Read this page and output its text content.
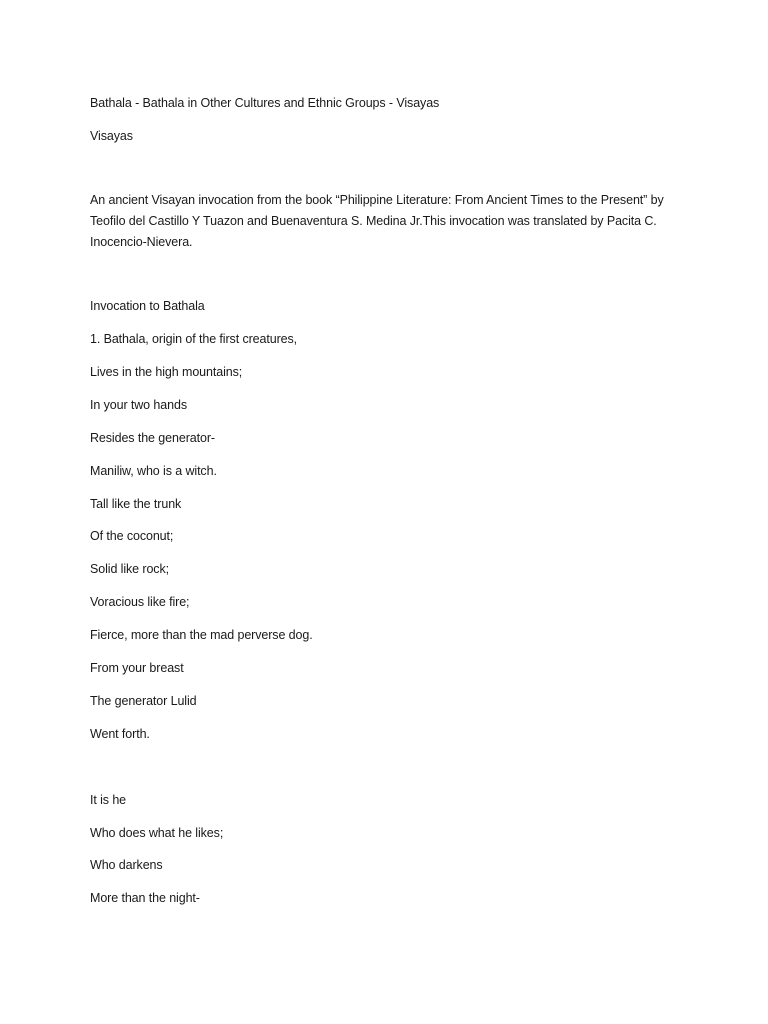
Bathala - Bathala in Other Cultures and Ethnic Groups - Visayas
Visayas
An ancient Visayan invocation from the book “Philippine Literature: From Ancient Times to the Present” by Teofilo del Castillo Y Tuazon and Buenaventura S. Medina Jr.This invocation was translated by Pacita C. Inocencio-Nievera.
Invocation to Bathala
1. Bathala, origin of the first creatures,
Lives in the high mountains;
In your two hands
Resides the generator-
Maniliw, who is a witch.
Tall like the trunk
Of the coconut;
Solid like rock;
Voracious like fire;
Fierce, more than the mad perverse dog.
From your breast
The generator Lulid
Went forth.
It is he
Who does what he likes;
Who darkens
More than the night-
